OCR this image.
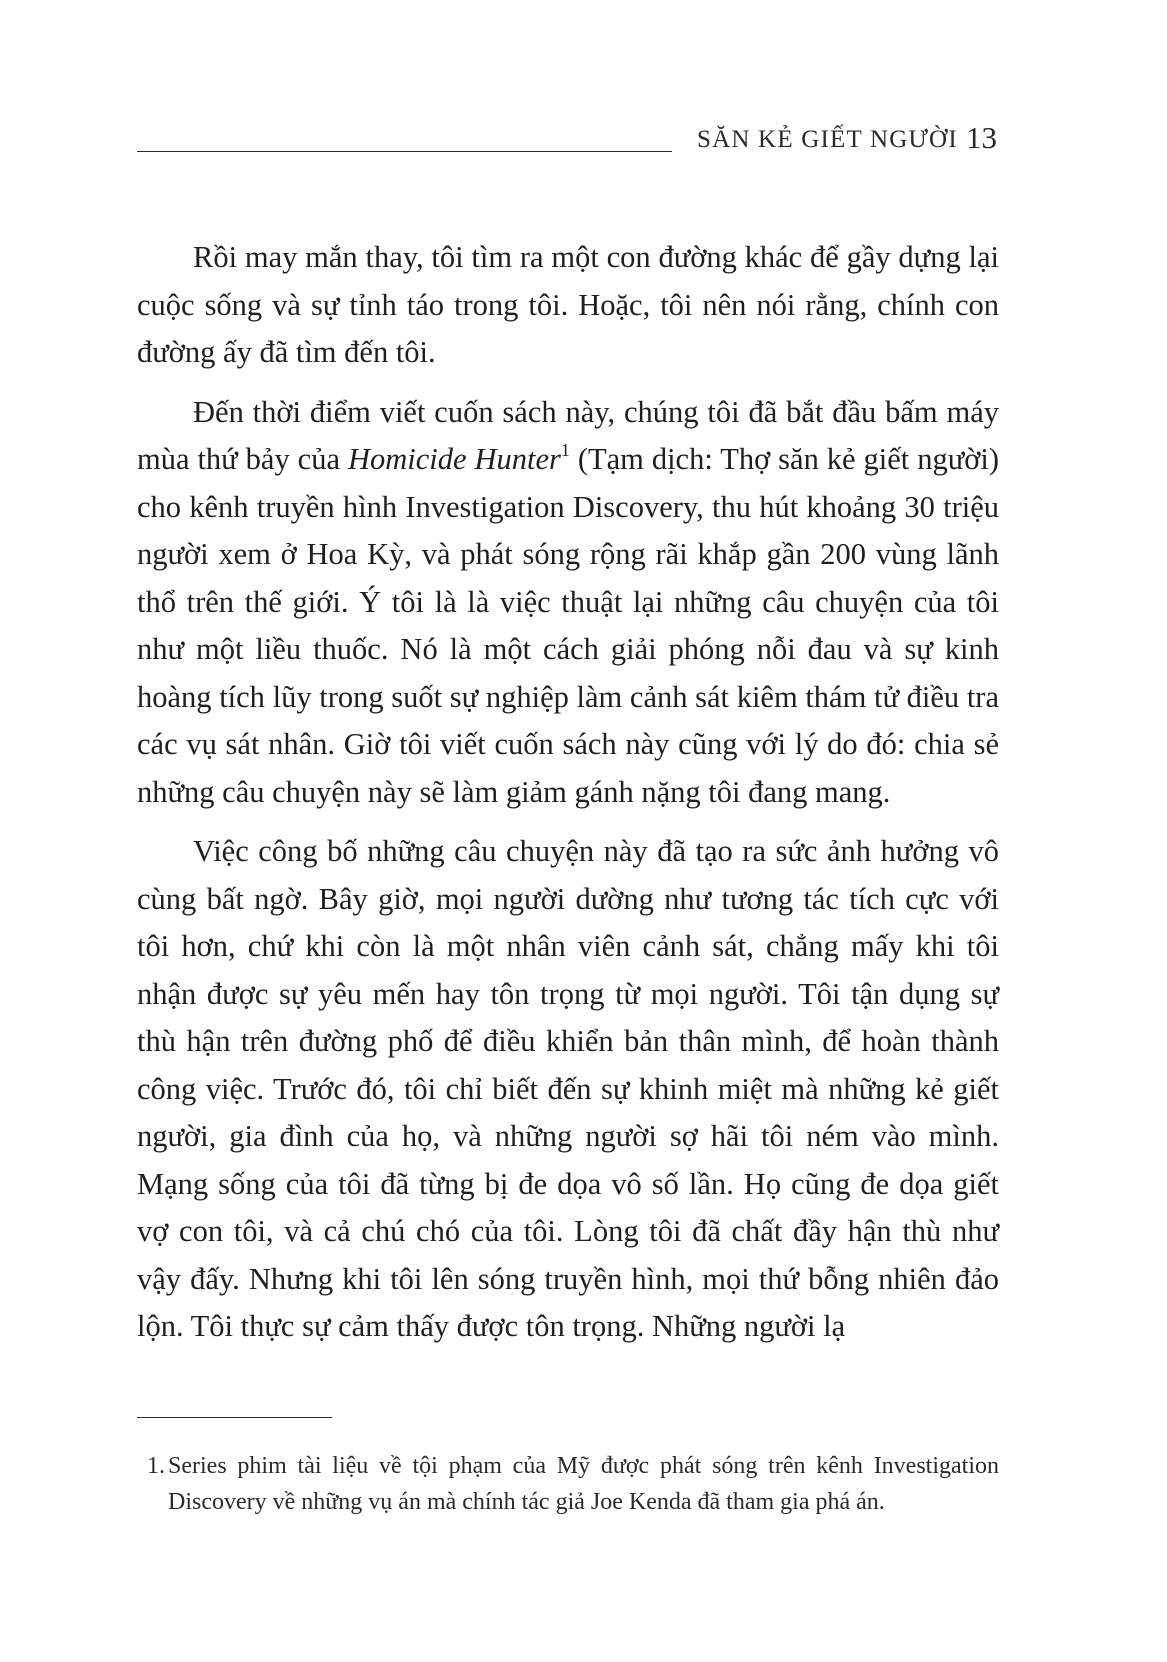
SĂN KẺ GIẾT NGƯỜI 13

Rồi may mắn thay, tôi tìm ra một con đường khác để gầy dựng lại cuộc sống và sự tỉnh táo trong tôi. Hoặc, tôi nên nói rằng, chính con đường ấy đã tìm đến tôi.

Đến thời điểm viết cuốn sách này, chúng tôi đã bắt đầu bấm máy mùa thứ bảy của Homicide Hunter$^1$ (Tạm dịch: Thợ săn kẻ giết người) cho kênh truyền hình Investigation Discovery, thu hút khoảng 30 triệu người xem ở Hoa Kỳ, và phát sóng rộng rãi khắp gần 200 vùng lãnh thổ trên thế giới. Ý tôi là là việc thuật lại những câu chuyện của tôi như một liều thuốc. Nó là một cách giải phóng nỗi đau và sự kinh hoàng tích lũy trong suốt sự nghiệp làm cảnh sát kiêm thám tử điều tra các vụ sát nhân. Giờ tôi viết cuốn sách này cũng với lý do đó: chia sẻ những câu chuyện này sẽ làm giảm gánh nặng tôi đang mang.

Việc công bố những câu chuyện này đã tạo ra sức ảnh hưởng vô cùng bất ngờ. Bây giờ, mọi người dường như tương tác tích cực với tôi hơn, chứ khi còn là một nhân viên cảnh sát, chẳng mấy khi tôi nhận được sự yêu mến hay tôn trọng từ mọi người. Tôi tận dụng sự thù hận trên đường phố để điều khiển bản thân mình, để hoàn thành công việc. Trước đó, tôi chỉ biết đến sự khinh miệt mà những kẻ giết người, gia đình của họ, và những người sợ hãi tôi ném vào mình. Mạng sống của tôi đã từng bị đe dọa vô số lần. Họ cũng đe dọa giết vợ con tôi, và cả chú chó của tôi. Lòng tôi đã chất đầy hận thù như vậy đấy. Nhưng khi tôi lên sóng truyền hình, mọi thứ bỗng nhiên đảo lộn. Tôi thực sự cảm thấy được tôn trọng. Những người lạ

1. Series phim tài liệu về tội phạm của Mỹ được phát sóng trên kênh Investigation Discovery về những vụ án mà chính tác giả Joe Kenda đã tham gia phá án.
